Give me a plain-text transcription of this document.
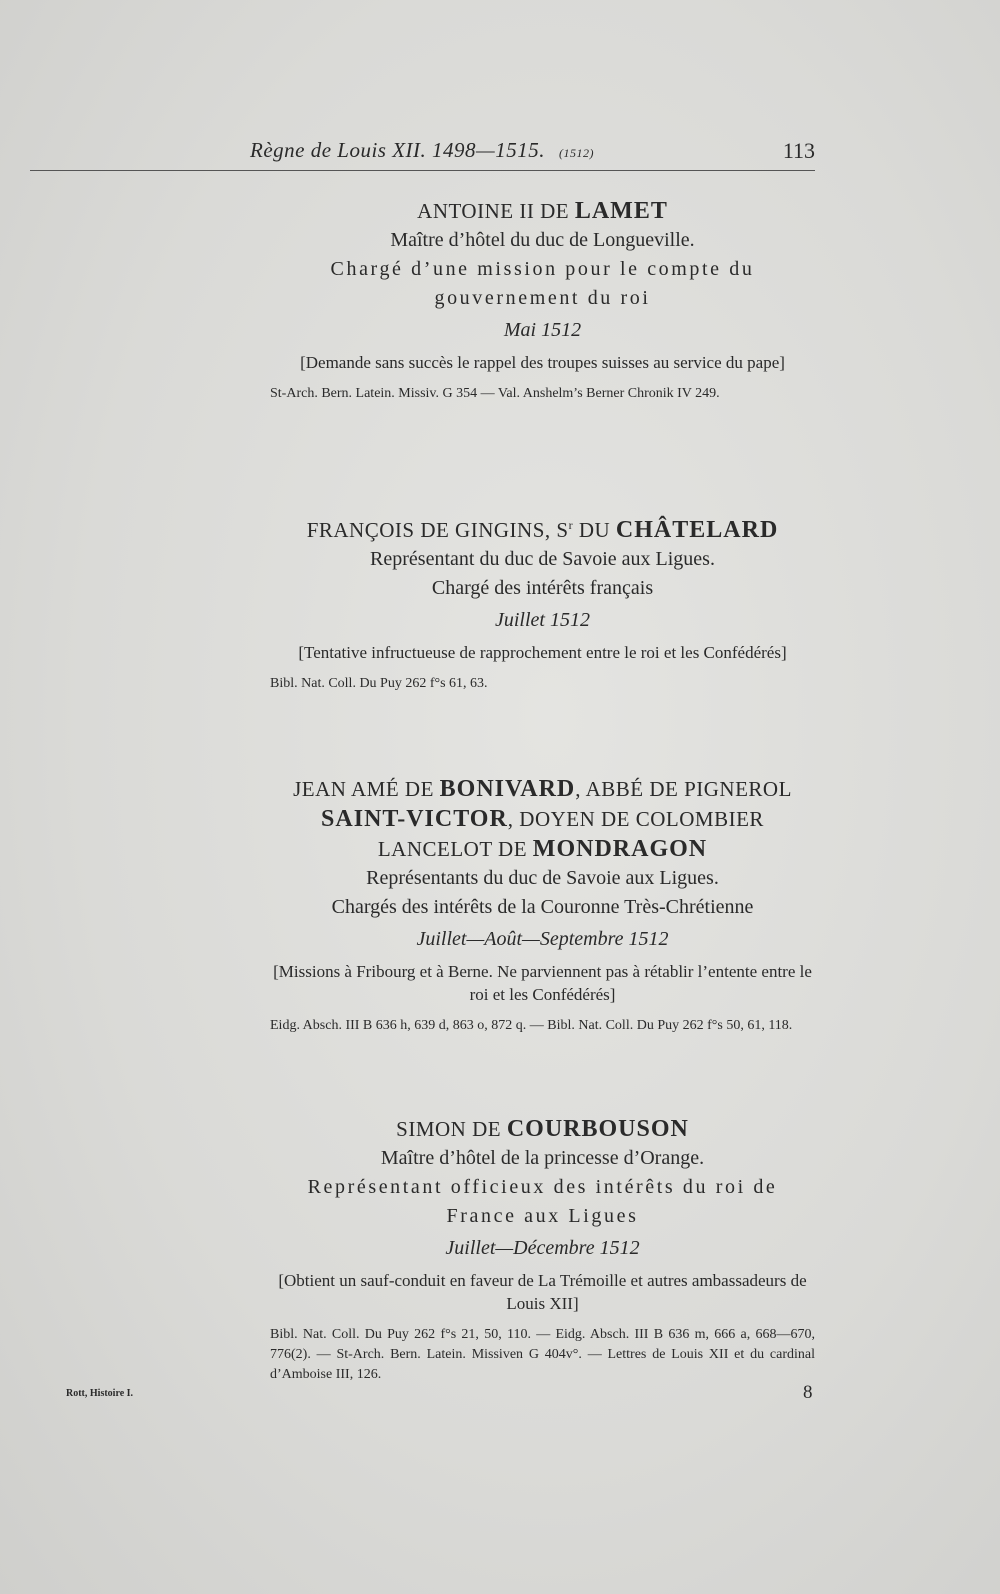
Règne de Louis XII. 1498—1515. (1512)	113
ANTOINE II DE LAMET
Maître d’hôtel du duc de Longueville.
Chargé d’une mission pour le compte du
gouvernement du roi
Mai 1512
[Demande sans succès le rappel des troupes suisses au service du pape]
St-Arch. Bern. Latein. Missiv. G 354 — Val. Anshelm’s Berner Chronik IV 249.
FRANÇOIS DE GINGINS, $S^r$ DU CHÂTELARD
Représentant du duc de Savoie aux Ligues.
Chargé des intérêts français
Juillet 1512
[Tentative infructueuse de rapprochement entre le roi et les Confédérés]
Bibl. Nat. Coll. Du Puy 262 f°s 61, 63.
JEAN AMÉ DE BONIVARD, ABBÉ DE PIGNEROL
SAINT-VICTOR, DOYEN DE COLOMBIER
LANCELOT DE MONDRAGON
Représentants du duc de Savoie aux Ligues.
Chargés des intérêts de la Couronne Très-Chrétienne
Juillet—Août—Septembre 1512
[Missions à Fribourg et à Berne. Ne parviennent pas à rétablir l’entente entre le roi et les Confédérés]
Eidg. Absch. III B 636 h, 639 d, 863 o, 872 q. — Bibl. Nat. Coll. Du Puy 262 f°s 50, 61, 118.
SIMON DE COURBOUSON
Maître d’hôtel de la princesse d’Orange.
Représentant officieux des intérêts du roi de
France aux Ligues
Juillet—Décembre 1512
[Obtient un sauf-conduit en faveur de La Trémoille et autres ambassadeurs de Louis XII]
Bibl. Nat. Coll. Du Puy 262 f°s 21, 50, 110. — Eidg. Absch. III B 636 m, 666 a, 668—670, 776(2). — St-Arch. Bern. Latein. Missiven G 404v°. — Lettres de Louis XII et du cardinal d’Amboise III, 126.
Rott, Histoire I.	8
